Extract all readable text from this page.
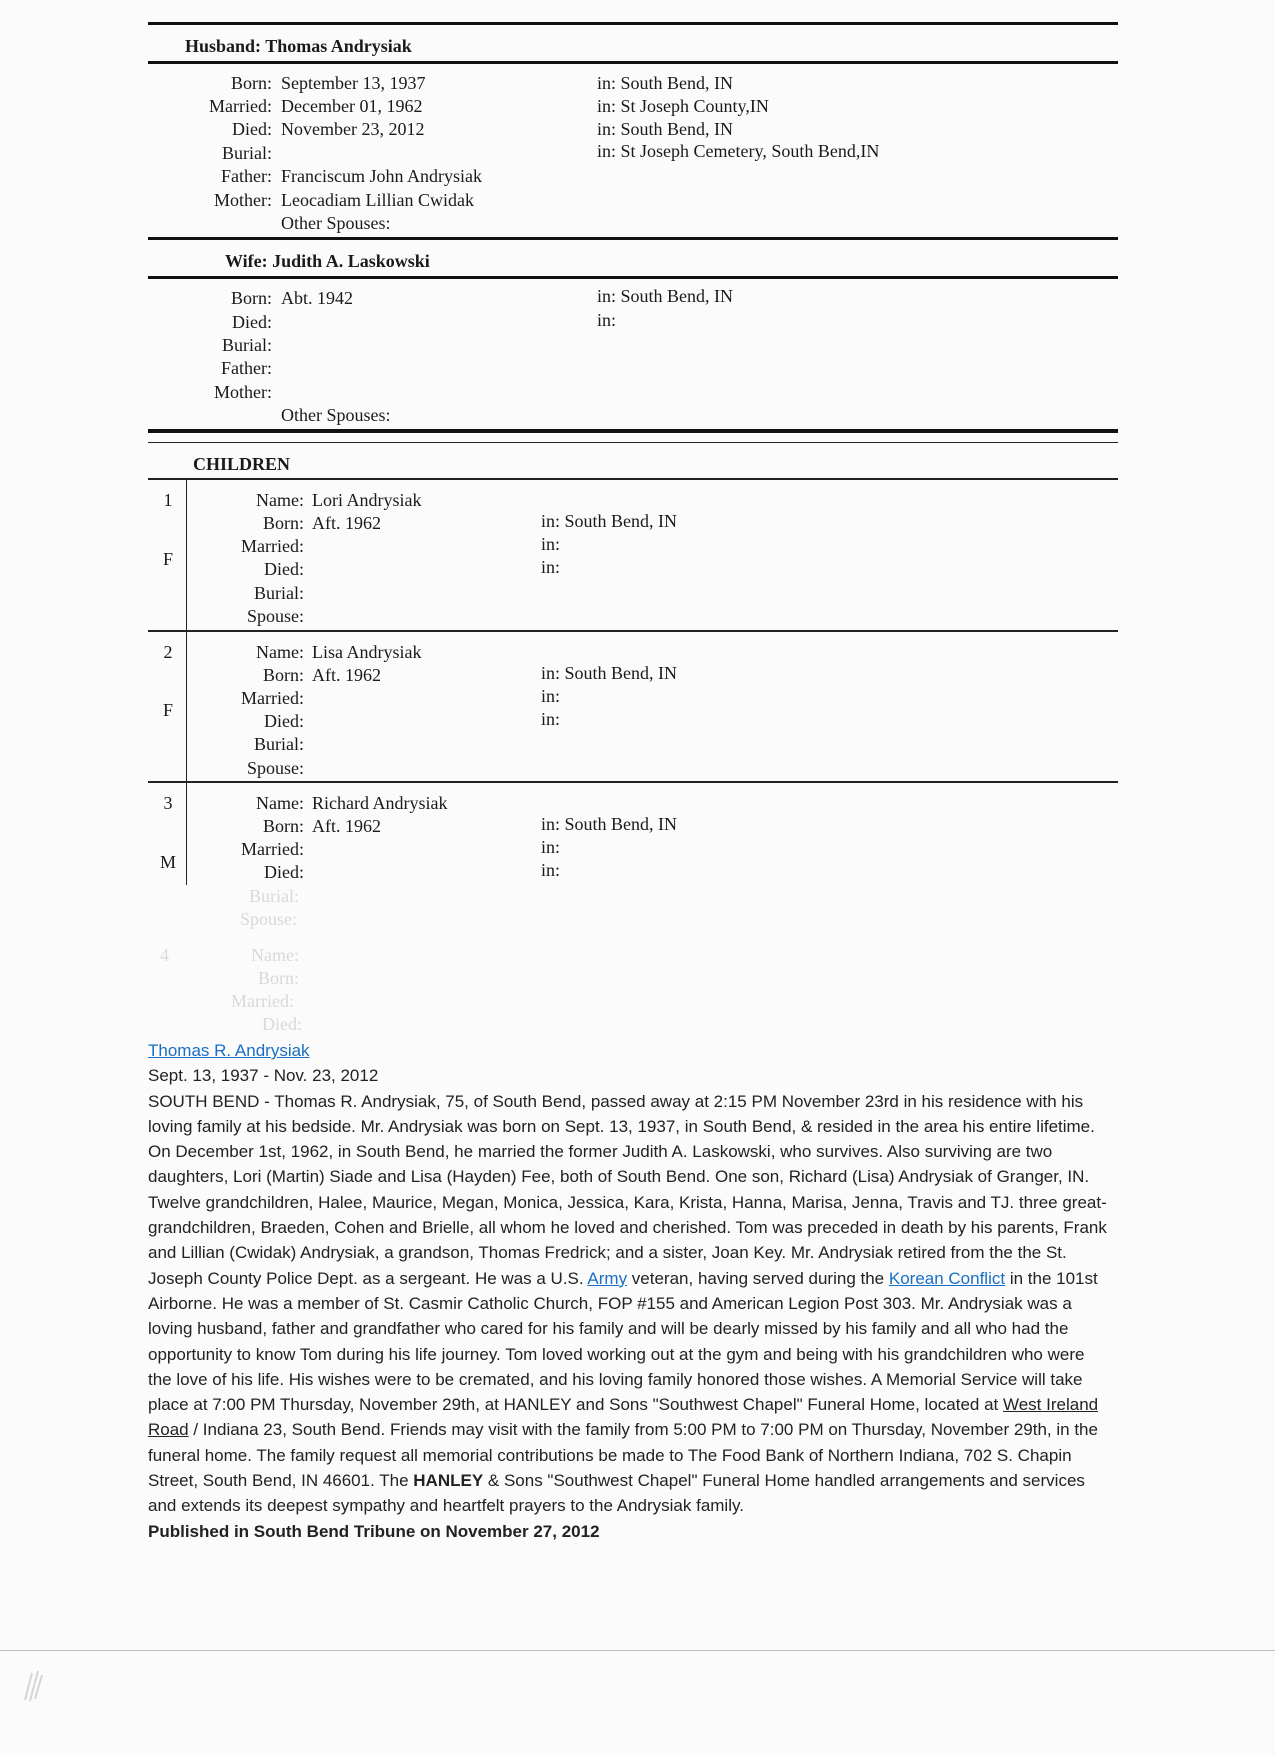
Husband: Thomas Andrysiak
Born: September 13, 1937	in: South Bend, IN
Married: December 01, 1962	in: St Joseph County,IN
Died: November 23, 2012	in: South Bend, IN
Burial:	in: St Joseph Cemetery, South Bend,IN
Father: Franciscum John Andrysiak
Mother: Leocadiam Lillian Cwidak
Other Spouses:
Wife: Judith A. Laskowski
Born: Abt. 1942	in: South Bend, IN
Died:	in:
Burial:
Father:
Mother:
Other Spouses:
CHILDREN
1
F
Name: Lori Andrysiak
Born: Aft. 1962	in: South Bend, IN
Married:	in:
Died:	in:
Burial:
Spouse:
2
F
Name: Lisa Andrysiak
Born: Aft. 1962	in: South Bend, IN
Married:	in:
Died:	in:
Burial:
Spouse:
3
M
Name: Richard Andrysiak
Born: Aft. 1962	in: South Bend, IN
Married:	in:
Died:	in:
Burial:
Spouse:
4	Name:
Born:
Married:
Died:
Thomas R. Andrysiak
Sept. 13, 1937 - Nov. 23, 2012
SOUTH BEND - Thomas R. Andrysiak, 75, of South Bend, passed away at 2:15 PM November 23rd in his residence with his loving family at his bedside. Mr. Andrysiak was born on Sept. 13, 1937, in South Bend, & resided in the area his entire lifetime. On December 1st, 1962, in South Bend, he married the former Judith A. Laskowski, who survives. Also surviving are two daughters, Lori (Martin) Siade and Lisa (Hayden) Fee, both of South Bend. One son, Richard (Lisa) Andrysiak of Granger, IN. Twelve grandchildren, Halee, Maurice, Megan, Monica, Jessica, Kara, Krista, Hanna, Marisa, Jenna, Travis and TJ. three great-grandchildren, Braeden, Cohen and Brielle, all whom he loved and cherished. Tom was preceded in death by his parents, Frank and Lillian (Cwidak) Andrysiak, a grandson, Thomas Fredrick; and a sister, Joan Key. Mr. Andrysiak retired from the the St. Joseph County Police Dept. as a sergeant. He was a U.S. Army veteran, having served during the Korean Conflict in the 101st Airborne. He was a member of St. Casmir Catholic Church, FOP #155 and American Legion Post 303. Mr. Andrysiak was a loving husband, father and grandfather who cared for his family and will be dearly missed by his family and all who had the opportunity to know Tom during his life journey. Tom loved working out at the gym and being with his grandchildren who were the love of his life. His wishes were to be cremated, and his loving family honored those wishes. A Memorial Service will take place at 7:00 PM Thursday, November 29th, at HANLEY and Sons "Southwest Chapel" Funeral Home, located at West Ireland Road / Indiana 23, South Bend. Friends may visit with the family from 5:00 PM to 7:00 PM on Thursday, November 29th, in the funeral home. The family request all memorial contributions be made to The Food Bank of Northern Indiana, 702 S. Chapin Street, South Bend, IN 46601. The HANLEY & Sons "Southwest Chapel" Funeral Home handled arrangements and services and extends its deepest sympathy and heartfelt prayers to the Andrysiak family.
Published in South Bend Tribune on November 27, 2012
